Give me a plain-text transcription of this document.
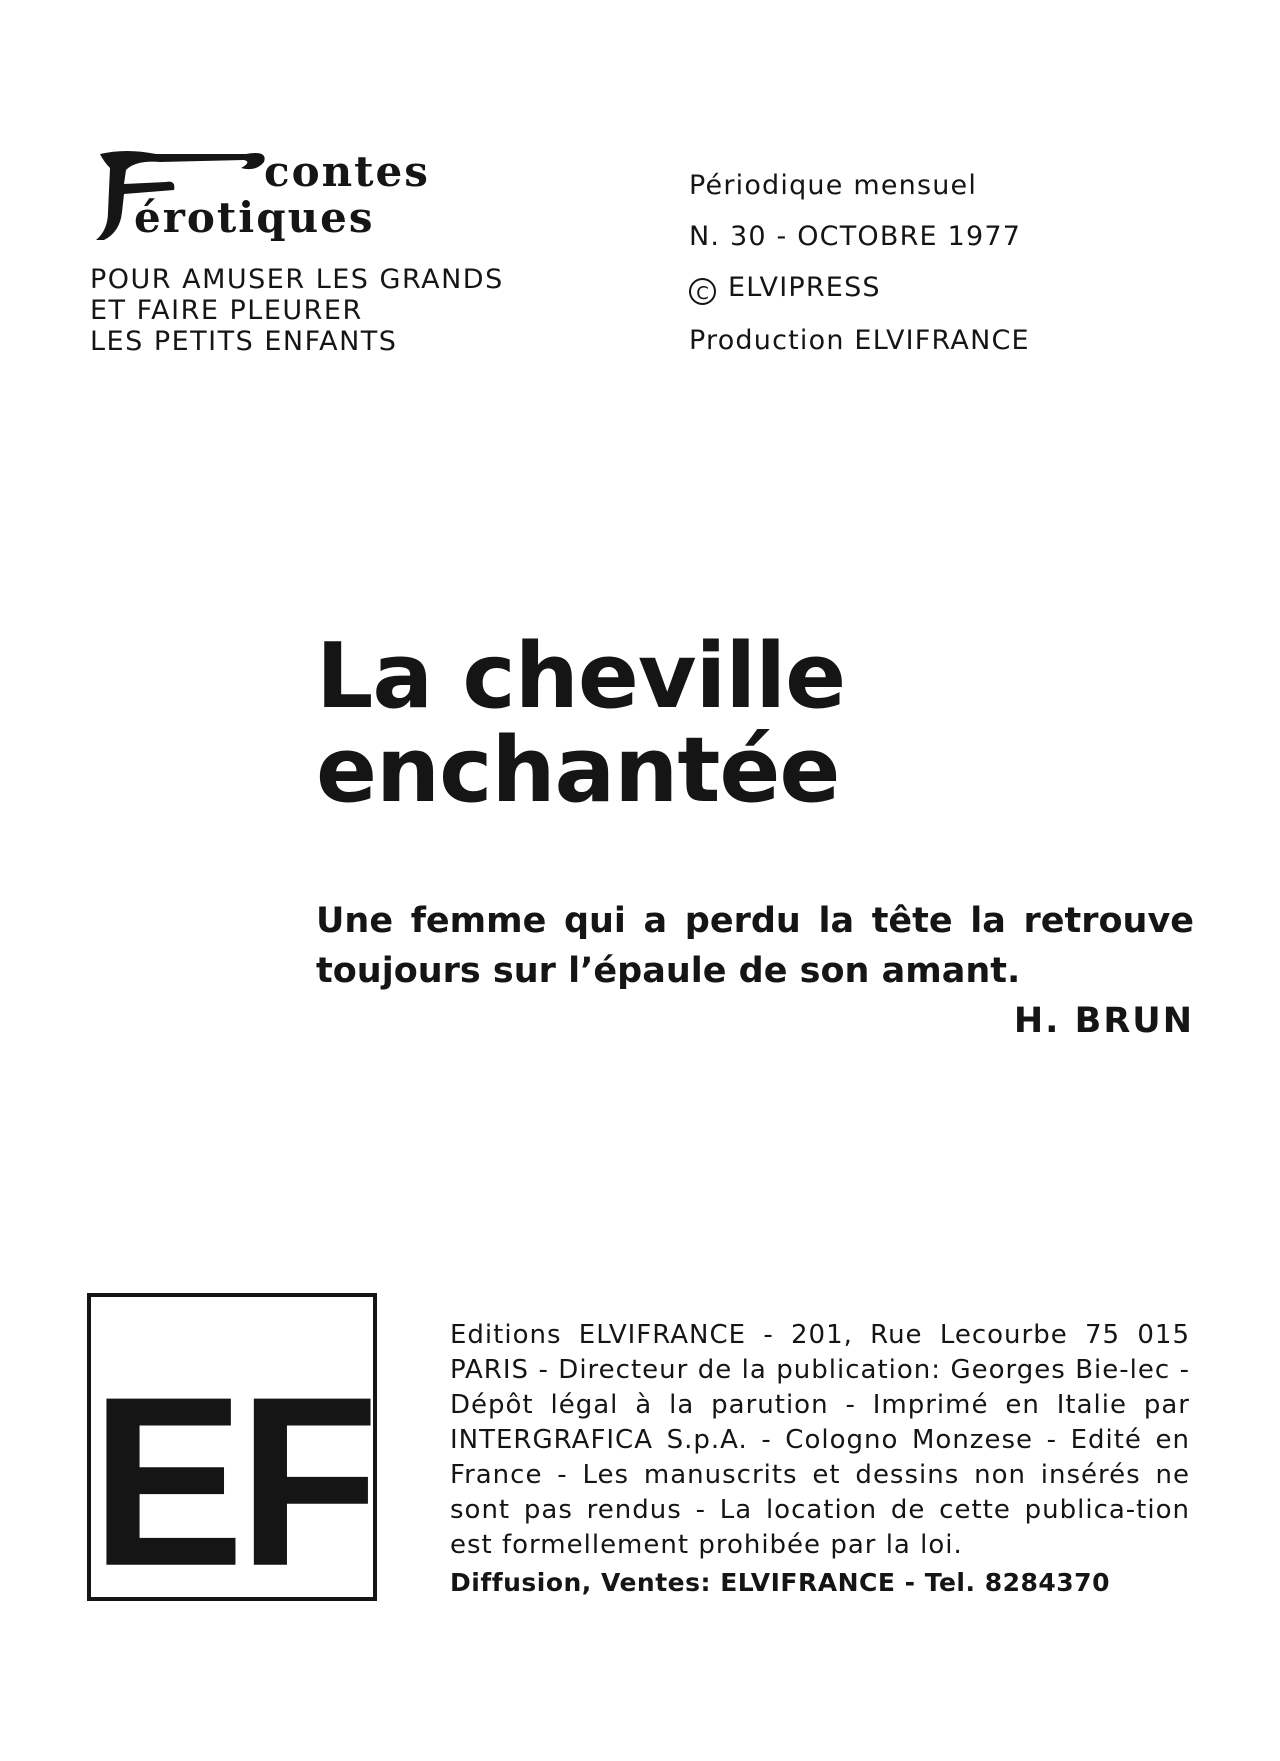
contes
érotiques
POUR AMUSER LES GRANDS
ET FAIRE PLEURER
LES PETITS ENFANTS
Périodique mensuel
N. 30 - OCTOBRE 1977
C ELVIPRESS
Production ELVIFRANCE
La cheville
enchantée
Une femme qui a perdu la tête la retrouve
toujours sur l’épaule de son amant.
H. BRUN
EF
Editions ELVIFRANCE - 201, Rue Lecourbe 75 015 PARIS - Directeur de la publication: Georges Bie-lec - Dépôt légal à la parution - Imprimé en Italie par INTERGRAFICA S.p.A. - Cologno Monzese - Edité en France - Les manuscrits et dessins non insérés ne sont pas rendus - La location de cette publica-tion est formellement prohibée par la loi.
Diffusion, Ventes: ELVIFRANCE - Tel. 8284370
